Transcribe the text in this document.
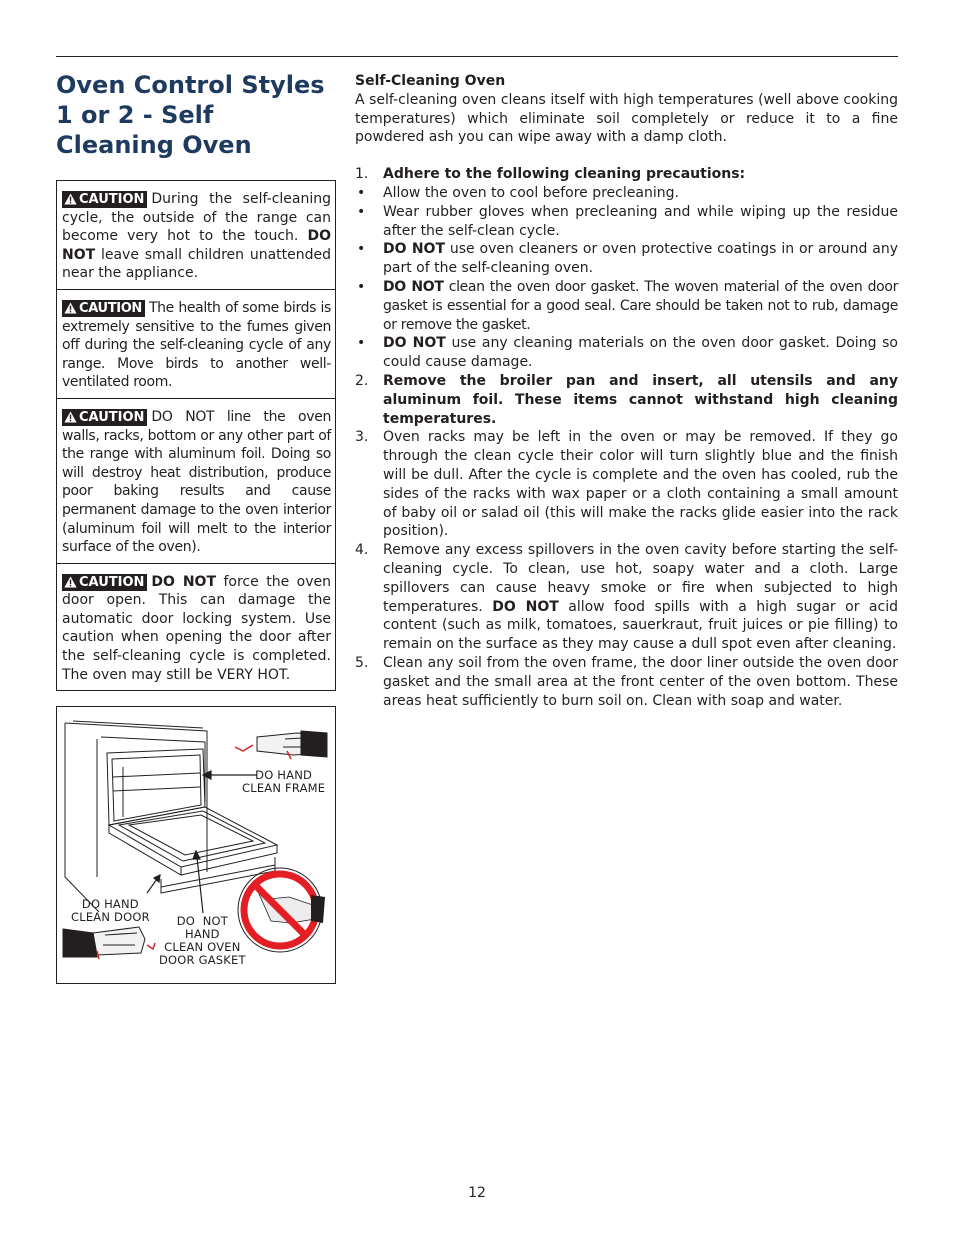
Oven Control Styles 1 or 2 - Self Cleaning Oven
CAUTION During the self-cleaning cycle, the outside of the range can become very hot to the touch. DO NOT leave small children unattended near the appliance.
CAUTION The health of some birds is extremely sensitive to the fumes given off during the self-cleaning cycle of any range. Move birds to another well-ventilated room.
CAUTION DO NOT line the oven walls, racks, bottom or any other part of the range with aluminum foil. Doing so will destroy heat distribution, produce poor baking results and cause permanent damage to the oven interior (aluminum foil will melt to the interior surface of the oven).
CAUTION DO NOT force the oven door open. This can damage the automatic door locking system. Use caution when opening the door after the self-cleaning cycle is completed. The oven may still be VERY HOT.
DO HAND
CLEAN FRAME
DO HAND
CLEAN DOOR	DO  NOT
HAND
CLEAN OVEN
DOOR GASKET

Self-Cleaning Oven

A self-cleaning oven cleans itself with high temperatures (well above cooking temperatures) which eliminate soil completely or reduce it to a fine powdered ash you can wipe away with a damp cloth.

1. Adhere to the following cleaning precautions:
• Allow the oven to cool before precleaning.
• Wear rubber gloves when precleaning and while wiping up the residue after the self-clean cycle.
• DO NOT use oven cleaners or oven protective coatings in or around any part of the self-cleaning oven.
• DO NOT clean the oven door gasket. The woven material of the oven door gasket is essential for a good seal. Care should be taken not to rub, damage or remove the gasket.
• DO NOT use any cleaning materials on the oven door gasket. Doing so could cause damage.
2. Remove the broiler pan and insert, all utensils and any aluminum foil. These items cannot withstand high cleaning temperatures.
3. Oven racks may be left in the oven or may be removed. If they go through the clean cycle their color will turn slightly blue and the finish will be dull. After the cycle is complete and the oven has cooled, rub the sides of the racks with wax paper or a cloth containing a small amount of baby oil or salad oil (this will make the racks glide easier into the rack position).
4. Remove any excess spillovers in the oven cavity before starting the self-cleaning cycle. To clean, use hot, soapy water and a cloth. Large spillovers can cause heavy smoke or fire when subjected to high temperatures. DO NOT allow food spills with a high sugar or acid content (such as milk, tomatoes, sauerkraut, fruit juices or pie filling) to remain on the surface as they may cause a dull spot even after cleaning.
5. Clean any soil from the oven frame, the door liner outside the oven door gasket and the small area at the front center of the oven bottom. These areas heat sufficiently to burn soil on. Clean with soap and water.
12
